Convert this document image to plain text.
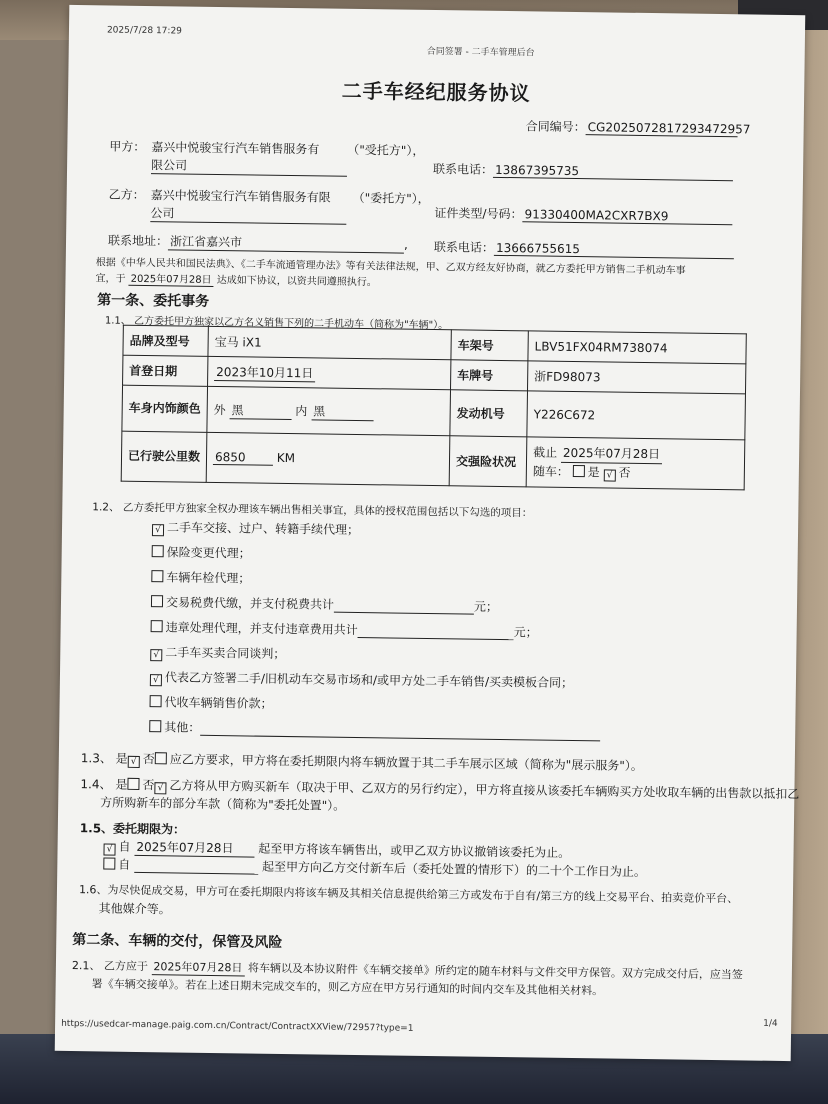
2025/7/28 17:29
合同签署 - 二手车管理后台
二手车经纪服务协议
合同编号： CG2025072817293472957
甲方： 嘉兴中悦骏宝行汽车销售服务有
限公司
（"受托方"），
联系电话： 13867395735
乙方： 嘉兴中悦骏宝行汽车销售服务有限
公司
（"委托方"），
证件类型/号码： 91330400MA2CXR7BX9
联系地址： 浙江省嘉兴市	, 联系电话： 13666755615
根据《中华人民共和国民法典》、《二手车流通管理办法》等有关法律法规，甲、乙双方经友好协商，就乙方委托甲方销售二手机动车事
宜，于 2025年07月28日 达成如下协议，以资共同遵照执行。
第一条、委托事务
1.1、 乙方委托甲方独家以乙方名义销售下列的二手机动车（简称为"车辆"）。
品牌及型号	宝马 iX1	车架号	LBV51FX04RM738074
首登日期	2023年10月11日	车牌号	浙FD98073
车身内饰颜色	外 黑 内 黑	发动机号	Y226C672
已行驶公里数	6850 KM	交强险状况	截止 2025年07月28日
随车： 是 √ 否
1.2、 乙方委托甲方独家全权办理该车辆出售相关事宜，具体的授权范围包括以下勾选的项目：
√ 二手车交接、过户、转籍手续代理；
保险变更代理；
车辆年检代理；
交易税费代缴，并支付税费共计	元；
违章处理代理，并支付违章费用共计	元；
√ 二手车买卖合同谈判；
√ 代表乙方签署二手/旧机动车交易市场和/或甲方处二手车销售/买卖模板合同；
代收车辆销售价款；
其他：
1.3、 是 √ 否 应乙方要求，甲方将在委托期限内将车辆放置于其二手车展示区域（简称为"展示服务"）。
1.4、 是 否 √ 乙方将从甲方购买新车（取决于甲、乙双方的另行约定），甲方将直接从该委托车辆购买方处收取车辆的出售款以抵扣乙
方所购新车的部分车款（简称为"委托处置"）。
1.5、委托期限为：
√ 自 2025年07月28日 起至甲方将该车辆售出，或甲乙双方协议撤销该委托为止。
自	起至甲方向乙方交付新车后（委托处置的情形下）的二十个工作日为止。
1.6、为尽快促成交易，甲方可在委托期限内将该车辆及其相关信息提供给第三方或发布于自有/第三方的线上交易平台、拍卖竞价平台、
其他媒介等。
第二条、车辆的交付，保管及风险
2.1、 乙方应于 2025年07月28日 将车辆以及本协议附件《车辆交接单》所约定的随车材料与文件交甲方保管。双方完成交付后，应当签
署《车辆交接单》。若在上述日期未完成交车的，则乙方应在甲方另行通知的时间内交车及其他相关材料。
https://usedcar-manage.paig.com.cn/Contract/ContractXXView/72957?type=1	1/4
